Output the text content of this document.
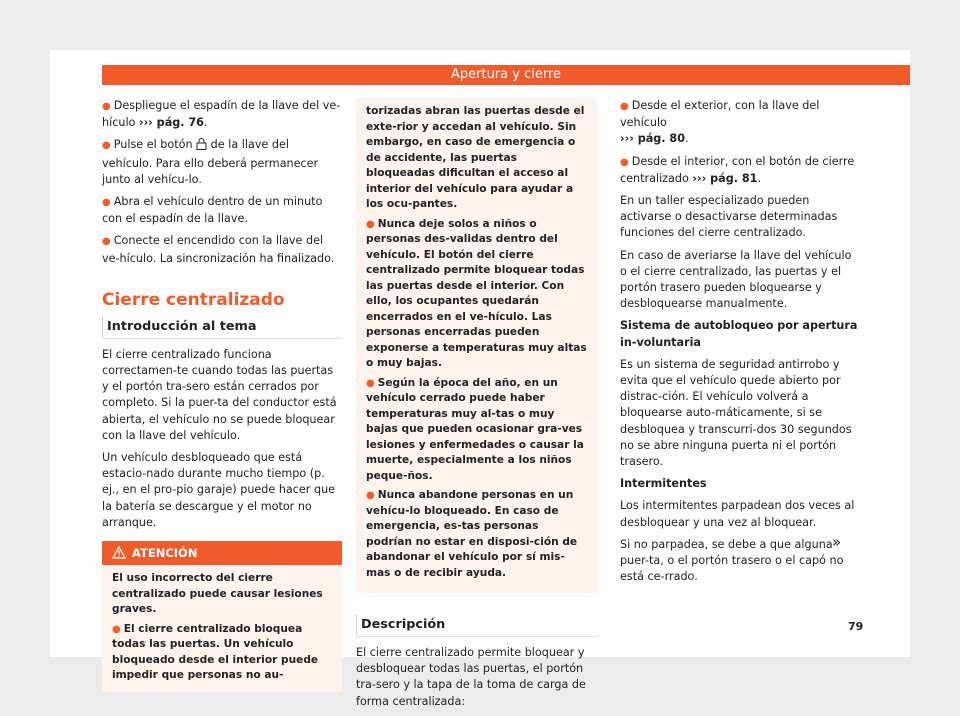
Apertura y cierre

● Despliegue el espadín de la llave del ve-hículo ››› pág. 76.

● Pulse el botón  de la llave del vehículo. Para ello deberá permanecer junto al vehícu-lo.

● Abra el vehículo dentro de un minuto con el espadín de la llave.

● Conecte el encendido con la llave del ve-hículo. La sincronización ha finalizado.

Cierre centralizado
Introducción al tema

El cierre centralizado funciona correctamen-te cuando todas las puertas y el portón tra-sero están cerrados por completo. Si la puer-ta del conductor está abierta, el vehículo no se puede bloquear con la llave del vehículo.

Un vehículo desbloqueado que está estacio-nado durante mucho tiempo (p. ej., en el pro-pio garaje) puede hacer que la batería se descargue y el motor no arranque.

ATENCIÓN

El uso incorrecto del cierre centralizado puede causar lesiones graves.

● El cierre centralizado bloquea todas las puertas. Un vehículo bloqueado desde el interior puede impedir que personas no au-

torizadas abran las puertas desde el exte-rior y accedan al vehículo. Sin embargo, en caso de emergencia o de accidente, las puertas bloqueadas dificultan el acceso al interior del vehículo para ayudar a los ocu-pantes.

● Nunca deje solos a niños o personas des-validas dentro del vehículo. El botón del cierre centralizado permite bloquear todas las puertas desde el interior. Con ello, los ocupantes quedarán encerrados en el ve-hículo. Las personas encerradas pueden exponerse a temperaturas muy altas o muy bajas.

● Según la época del año, en un vehículo cerrado puede haber temperaturas muy al-tas o muy bajas que pueden ocasionar gra-ves lesiones y enfermedades o causar la muerte, especialmente a los niños peque-ños.

● Nunca abandone personas en un vehícu-lo bloqueado. En caso de emergencia, es-tas personas podrían no estar en disposi-ción de abandonar el vehículo por sí mis-mas o de recibir ayuda.

Descripción

El cierre centralizado permite bloquear y desbloquear todas las puertas, el portón tra-sero y la tapa de la toma de carga de forma centralizada:

● Desde el exterior, con la llave del vehículo
››› pág. 80.

● Desde el interior, con el botón de cierre centralizado ››› pág. 81.

En un taller especializado pueden activarse o desactivarse determinadas funciones del cierre centralizado.

En caso de averiarse la llave del vehículo o el cierre centralizado, las puertas y el portón trasero pueden bloquearse y desbloquearse manualmente.

Sistema de autobloqueo por apertura in-voluntaria

Es un sistema de seguridad antirrobo y evita que el vehículo quede abierto por distrac-ción. El vehículo volverá a bloquearse auto-máticamente, si se desbloquea y transcurri-dos 30 segundos no se abre ninguna puerta ni el portón trasero.

Intermitentes

Los intermitentes parpadean dos veces al desbloquear y una vez al bloquear.

Si no parpadea, se debe a que alguna puer-ta, o el portón trasero o el capó no está ce-rrado.

»
79
